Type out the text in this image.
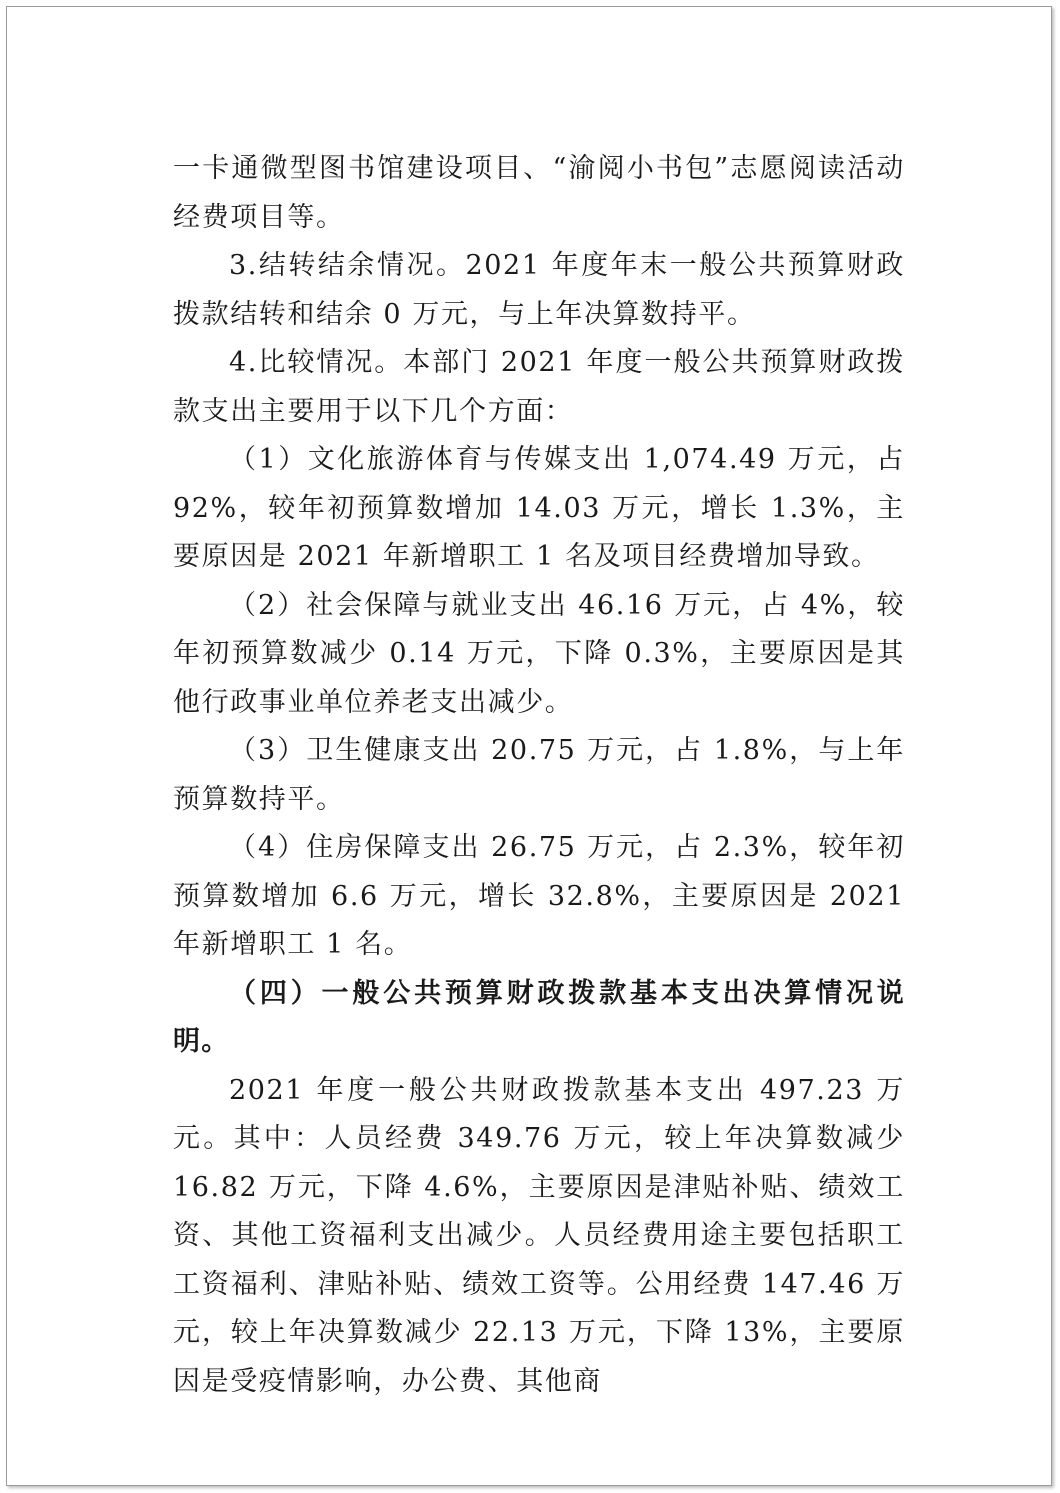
一卡通微型图书馆建设项目、“渝阅小书包”志愿阅读活动经费项目等。

3.结转结余情况。2021 年度年末一般公共预算财政拨款结转和结余 0 万元，与上年决算数持平。

4.比较情况。本部门 2021 年度一般公共预算财政拨款支出主要用于以下几个方面：

（1）文化旅游体育与传媒支出 1,074.49 万元，占 92%，较年初预算数增加 14.03 万元，增长 1.3%，主要原因是 2021 年新增职工 1 名及项目经费增加导致。

（2）社会保障与就业支出 46.16 万元，占 4%，较年初预算数减少 0.14 万元，下降 0.3%，主要原因是其他行政事业单位养老支出减少。

（3）卫生健康支出 20.75 万元，占 1.8%，与上年预算数持平。

（4）住房保障支出 26.75 万元，占 2.3%，较年初预算数增加 6.6 万元，增长 32.8%，主要原因是 2021 年新增职工 1 名。

（四）一般公共预算财政拨款基本支出决算情况说明。

2021 年度一般公共财政拨款基本支出 497.23 万元。其中：人员经费 349.76 万元，较上年决算数减少 16.82 万元，下降 4.6%，主要原因是津贴补贴、绩效工资、其他工资福利支出减少。人员经费用途主要包括职工工资福利、津贴补贴、绩效工资等。公用经费 147.46 万元，较上年决算数减少 22.13 万元，下降 13%，主要原因是受疫情影响，办公费、其他商
